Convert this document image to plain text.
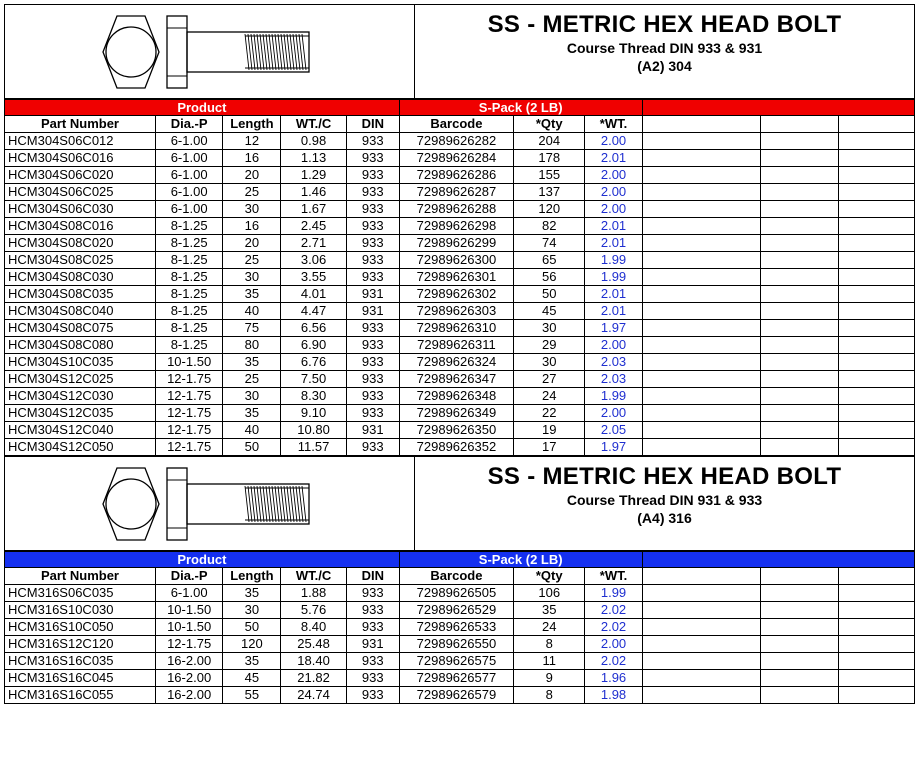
SS - METRIC HEX HEAD BOLT
Course Thread DIN 933 & 931
(A2) 304
Product					S-Pack (2 LB)					
Part Number	Dia.-P	Length	WT./C	DIN	Barcode	*Qty	*WT.			
HCM304S06C012	6-1.00	12	0.98	933	72989626282	204	2.00			
HCM304S06C016	6-1.00	16	1.13	933	72989626284	178	2.01			
HCM304S06C020	6-1.00	20	1.29	933	72989626286	155	2.00			
HCM304S06C025	6-1.00	25	1.46	933	72989626287	137	2.00			
HCM304S06C030	6-1.00	30	1.67	933	72989626288	120	2.00			
HCM304S08C016	8-1.25	16	2.45	933	72989626298	82	2.01			
HCM304S08C020	8-1.25	20	2.71	933	72989626299	74	2.01			
HCM304S08C025	8-1.25	25	3.06	933	72989626300	65	1.99			
HCM304S08C030	8-1.25	30	3.55	933	72989626301	56	1.99			
HCM304S08C035	8-1.25	35	4.01	931	72989626302	50	2.01			
HCM304S08C040	8-1.25	40	4.47	931	72989626303	45	2.01			
HCM304S08C075	8-1.25	75	6.56	933	72989626310	30	1.97			
HCM304S08C080	8-1.25	80	6.90	933	72989626311	29	2.00			
HCM304S10C035	10-1.50	35	6.76	933	72989626324	30	2.03			
HCM304S12C025	12-1.75	25	7.50	933	72989626347	27	2.03			
HCM304S12C030	12-1.75	30	8.30	933	72989626348	24	1.99			
HCM304S12C035	12-1.75	35	9.10	933	72989626349	22	2.00			
HCM304S12C040	12-1.75	40	10.80	931	72989626350	19	2.05			
HCM304S12C050	12-1.75	50	11.57	933	72989626352	17	1.97			
SS - METRIC HEX HEAD BOLT
Course Thread DIN 931 & 933
(A4) 316
Product					S-Pack (2 LB)					
Part Number	Dia.-P	Length	WT./C	DIN	Barcode	*Qty	*WT.			
HCM316S06C035	6-1.00	35	1.88	933	72989626505	106	1.99			
HCM316S10C030	10-1.50	30	5.76	933	72989626529	35	2.02			
HCM316S10C050	10-1.50	50	8.40	933	72989626533	24	2.02			
HCM316S12C120	12-1.75	120	25.48	931	72989626550	8	2.00			
HCM316S16C035	16-2.00	35	18.40	933	72989626575	11	2.02			
HCM316S16C045	16-2.00	45	21.82	933	72989626577	9	1.96			
HCM316S16C055	16-2.00	55	24.74	933	72989626579	8	1.98			
